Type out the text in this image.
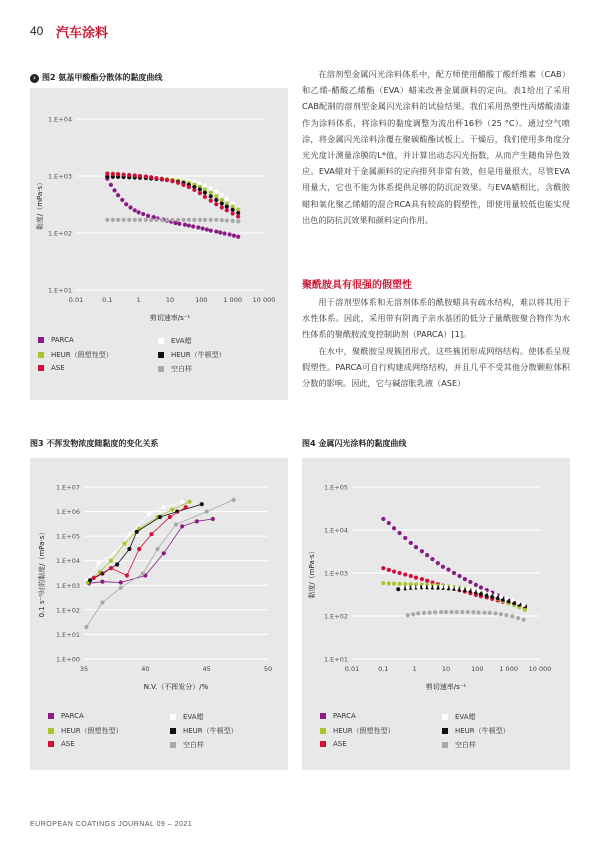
40 汽车涂料
› 图2 氨基甲酸酯分散体的黏度曲线
1.E+01
1.E+02
1.E+03
1.E+04
0.01	0.1	1	10	100 1 000 10 000
剪切速率/s⁻¹
黏度/（mPa·s）
PARCA	EVA蜡
HEUR（假塑性型）	HEUR（牛顿型）
ASE	空白样

在溶剂型金属闪光涂料体系中，配方师使用醋酸丁酸纤维素（CAB）和乙烯-醋酸乙烯酯（EVA）蜡来改善金属颜料的定向。表1给出了采用CAB配制的溶剂型金属闪光涂料的试验结果。我们采用热塑性丙烯酸清漆作为涂料体系，将涂料的黏度调整为流出杯16秒（25 °C）。通过空气喷涂，将金属闪光涂料涂覆在聚碳酸酯试板上。干燥后，我们使用多角度分光光度计测量涂膜的L*值，并计算出动态闪光指数，从而产生随角异色效应。EVA蜡对于金属颜料的定向排列非常有效，但是用量很大，尽管EVA用量大，它也不能为体系提供足够的防沉淀效果。与EVA蜡相比，含酰胺蜡和氧化聚乙烯蜡的混合RCA具有较高的假塑性，即使用量较低也能实现出色的防抗沉效果和颜料定向作用。

聚酰胺具有很强的假塑性

用于溶剂型体系和无溶剂体系的酰胺蜡具有疏水结构，难以将其用于水性体系。因此，采用带有阴离子亲水基团的低分子量酰胺聚合物作为水性体系的聚酰胺流变控制助剂（PARCA）[1]。

在水中，聚酰胺呈现簇团形式，这些簇团形成网络结构。使体系呈现假塑性。PARCA可自行构建成网络结构，并且几乎不受其他分散颗粒体积分数的影响。因此，它与碱溶胀乳液（ASE）

图3 不挥发物浓度随黏度的变化关系
1.E+00
1.E+01
1.E+02
1.E+03
1.E+04
1.E+05
1.E+06
1.E+07
35	40	45	50
N.V.（不挥发分）/%
0.1 s⁻¹时的黏度/（mPa·s）
PARCA	EVA蜡
HEUR（假塑性型）	HEUR（牛顿型）
ASE	空白样
图4 金属闪光涂料的黏度曲线
1.E+01
1.E+02
1.E+03
1.E+04
1.E+05
0.01	0.1	1	10	100 1 000 10 000
剪切速率/s⁻¹
黏度/（mPa·s）
PARCA	EVA蜡
HEUR（假塑性型）	HEUR（牛顿型）
ASE	空白样
EUROPEAN COATINGS JOURNAL 09 – 2021
